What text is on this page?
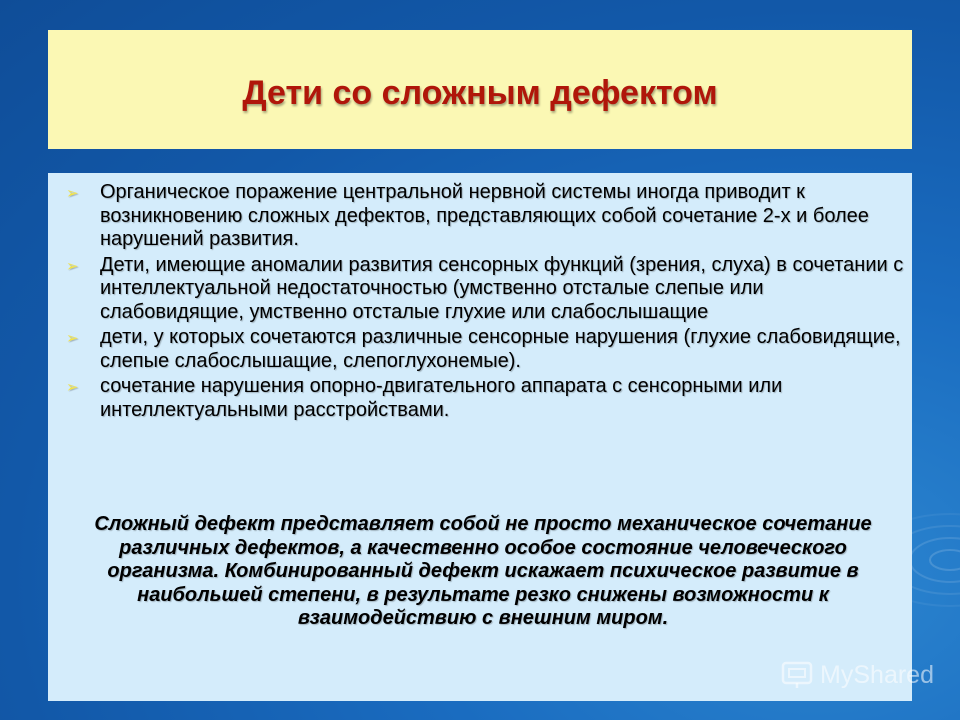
Дети со сложным дефектом
➢ Органическое поражение центральной нервной системы иногда приводит к возникновению сложных дефектов, представляющих собой сочетание 2-х и более нарушений развития.
➢ Дети, имеющие аномалии развития сенсорных функций (зрения, слуха) в сочетании с интеллектуальной недостаточностью (умственно отсталые слепые или слабовидящие, умственно отсталые глухие или слабослышащие
➢ дети, у которых сочетаются различные сенсорные нарушения (глухие слабовидящие, слепые слабослышащие, слепоглухонемые).
➢ сочетание нарушения опорно-двигательного аппарата с сенсорными или интеллектуальными расстройствами.

Сложный дефект представляет собой не просто механическое сочетание различных дефектов, а качественно особое состояние человеческого организма. Комбинированный дефект искажает психическое развитие в наибольшей степени, в результате резко снижены возможности к взаимодействию с внешним миром.

MyShared
